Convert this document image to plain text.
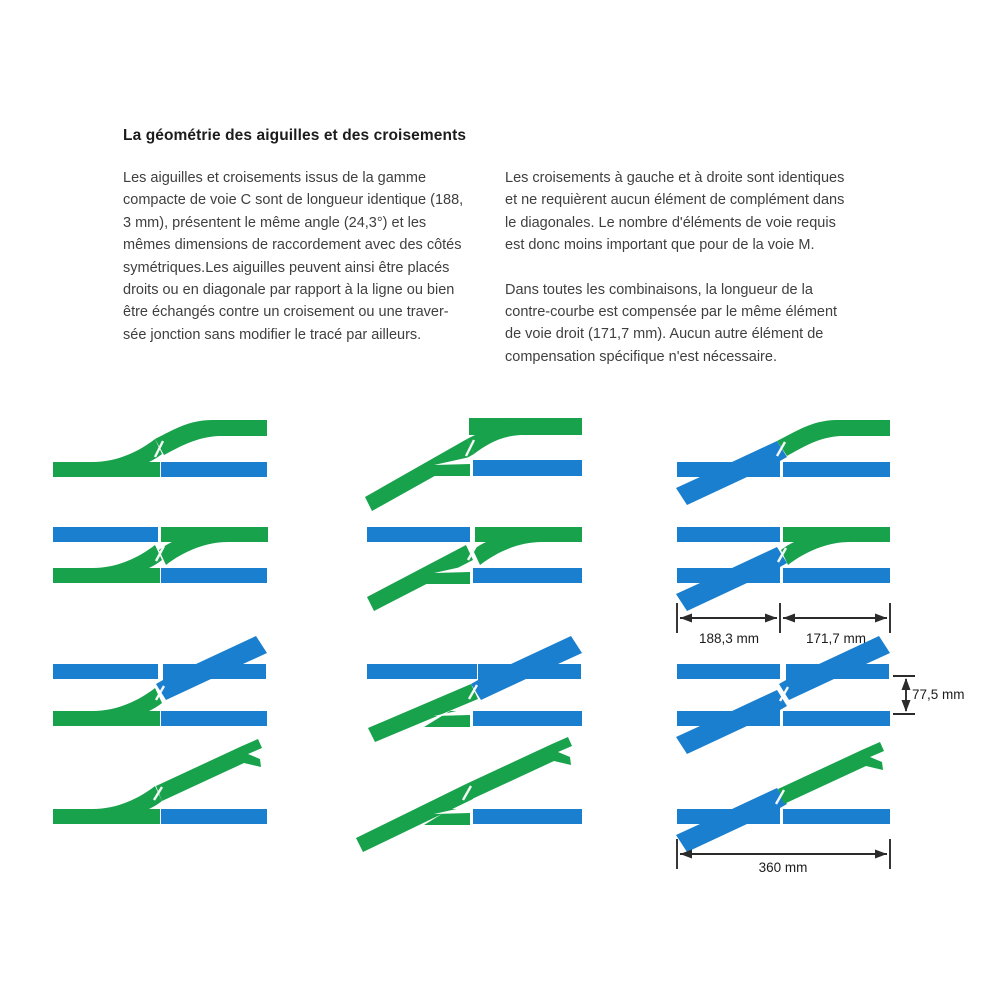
La géométrie des aiguilles et des croisements
Les aiguilles et croisements issus de la gamme
compacte de voie C sont de longueur identique (188,
3 mm), présentent le même angle (24,3°) et les
mêmes dimensions de raccordement avec des côtés
symétriques.Les aiguilles peuvent ainsi être placés
droits ou en diagonale par rapport à la ligne ou bien
être échangés contre un croisement ou une traver-
sée jonction sans modifier le tracé par ailleurs.
Les croisements à gauche et à droite sont identiques
et ne requièrent aucun élément de complément dans
le diagonales. Le nombre d'éléments de voie requis
est donc moins important que pour de la voie M.
Dans toutes les combinaisons, la longueur de la
contre-courbe est compensée par le même élément
de voie droit (171,7 mm). Aucun autre élément de
compensation spécifique n'est nécessaire.
188,3 mm	171,7 mm
77,5 mm
360 mm
